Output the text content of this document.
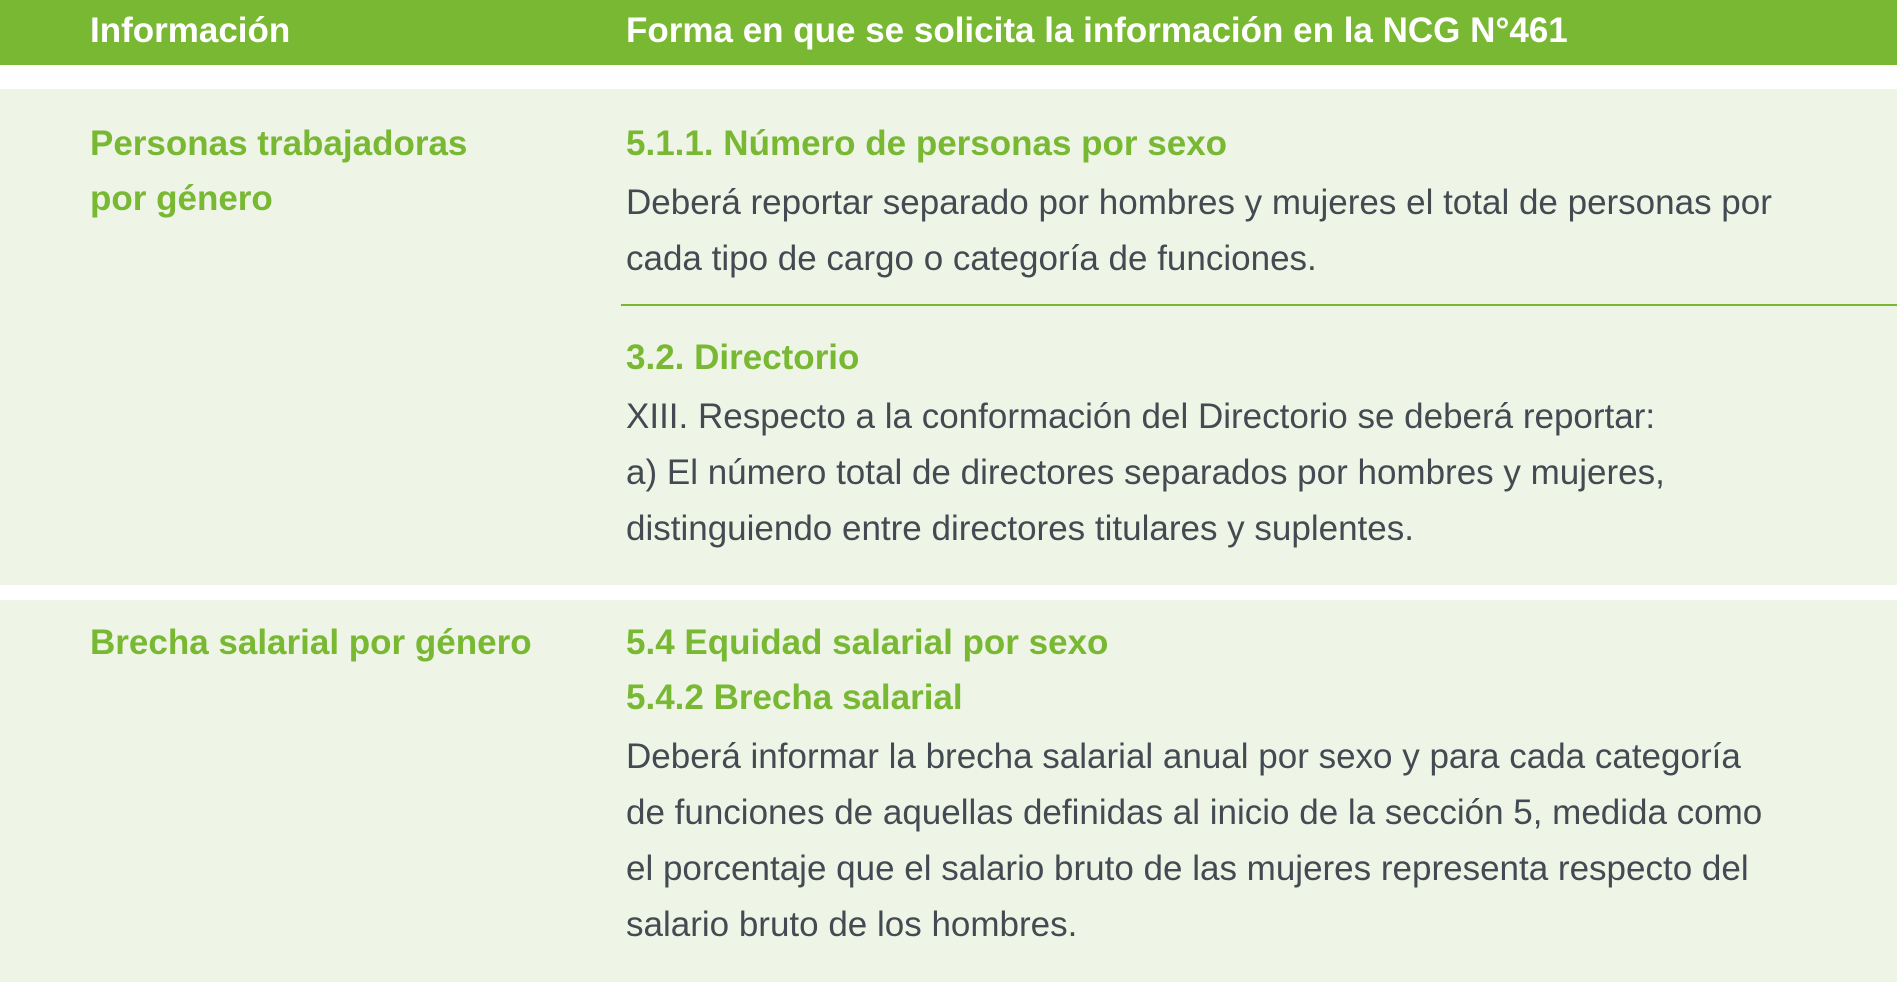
Información	Forma en que se solicita la información en la NCG N°461
Personas trabajadoras
por género
5.1.1. Número de personas por sexo
Deberá reportar separado por hombres y mujeres el total de personas por
cada tipo de cargo o categoría de funciones.
3.2. Directorio
XIII. Respecto a la conformación del Directorio se deberá reportar:
a) El número total de directores separados por hombres y mujeres,
distinguiendo entre directores titulares y suplentes.
Brecha salarial por género	5.4 Equidad salarial por sexo
5.4.2 Brecha salarial
Deberá informar la brecha salarial anual por sexo y para cada categoría
de funciones de aquellas definidas al inicio de la sección 5, medida como
el porcentaje que el salario bruto de las mujeres representa respecto del
salario bruto de los hombres.
